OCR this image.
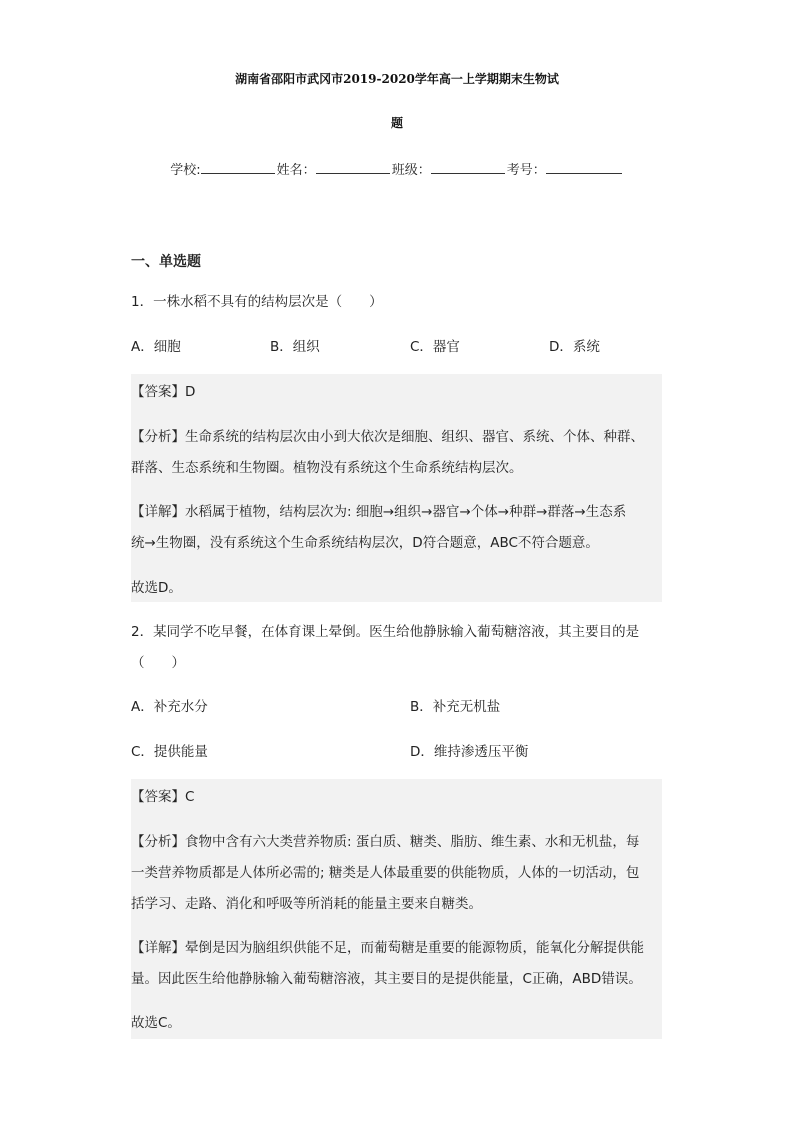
湖南省邵阳市武冈市2019-2020学年高一上学期期末生物试
题
学校:	姓名：	班级：	考号：
一、单选题
1．一株水稻不具有的结构层次是（　　）
A．细胞	B．组织	C．器官	D．系统
【答案】D
【分析】生命系统的结构层次由小到大依次是细胞、组织、器官、系统、个体、种群、
群落、生态系统和生物圈。植物没有系统这个生命系统结构层次。
【详解】水稻属于植物，结构层次为: 细胞→组织→器官→个体→种群→群落→生态系
统→生物圈，没有系统这个生命系统结构层次，D符合题意，ABC不符合题意。
故选D。
2．某同学不吃早餐，在体育课上晕倒。医生给他静脉输入葡萄糖溶液，其主要目的是
（　　）
A．补充水分	B．补充无机盐
C．提供能量	D．维持渗透压平衡
【答案】C
【分析】食物中含有六大类营养物质: 蛋白质、糖类、脂肪、维生素、水和无机盐，每
一类营养物质都是人体所必需的; 糖类是人体最重要的供能物质，人体的一切活动，包
括学习、走路、消化和呼吸等所消耗的能量主要来自糖类。
【详解】晕倒是因为脑组织供能不足，而葡萄糖是重要的能源物质，能氧化分解提供能
量。因此医生给他静脉输入葡萄糖溶液，其主要目的是提供能量，C正确，ABD错误。
故选C。
